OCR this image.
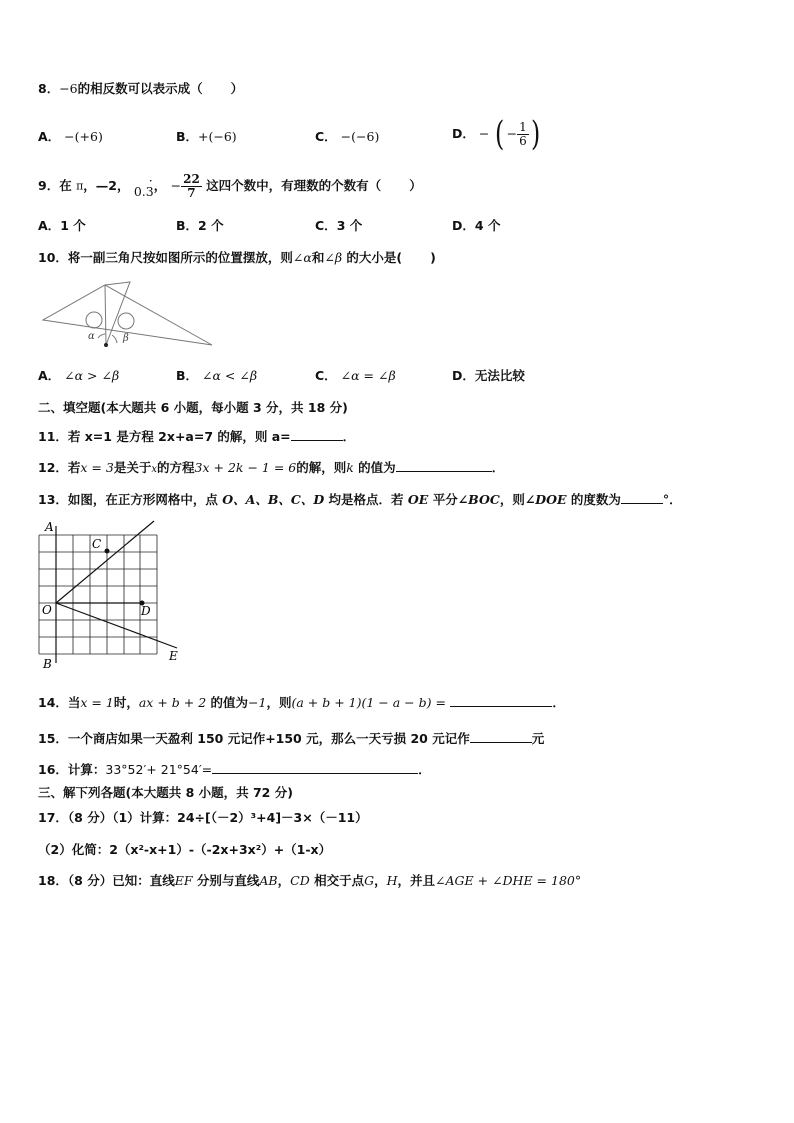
8．−6的相反数可以表示成（ ）
A． −(+6)	B．+(−6)	C． −(−6)	D． − ( − $\frac{1}{6}$ )
9．在 π，—2， 0.3
· ， − $\frac{22}{7}$ 这四个数中，有理数的个数有（ ）
A．1 个	B．2 个	C．3 个	D．4 个
10．将一副三角尺按如图所示的位置摆放，则∠α和∠β 的大小是( )
α	β
A． ∠α > ∠β	B． ∠α < ∠β	C． ∠α = ∠β	D．无法比较
二、填空题(本大题共 6 小题，每小题 3 分，共 18 分)
11．若 x=1 是方程 2x+a=7 的解，则 a=	．
12．若x = 3是关于x的方程3x + 2k − 1 = 6的解，则k 的值为	．
13．如图，在正方形网格中，点 O、A、B、C、D 均是格点．若 OE 平分∠BOC，则∠DOE 的度数为	°．
A
B
C
D
E
O
14．当x = 1时，ax + b + 2 的值为−1，则(a + b + 1)(1 − a − b) =	．
15．一个商店如果一天盈利 150 元记作+150 元，那么一天亏损 20 元记作	元
16．计算：33°52′+ 21°54′=	．
三、解下列各题(本大题共 8 小题，共 72 分)
17．（8 分）（1）计算：24÷[（－2）³+4]－3×（－11）
（2）化简：2（x²-x+1）-（-2x+3x²）+（1-x）
18．（8 分）已知：直线EF 分别与直线AB，CD 相交于点G，H，并且∠AGE + ∠DHE = 180°
